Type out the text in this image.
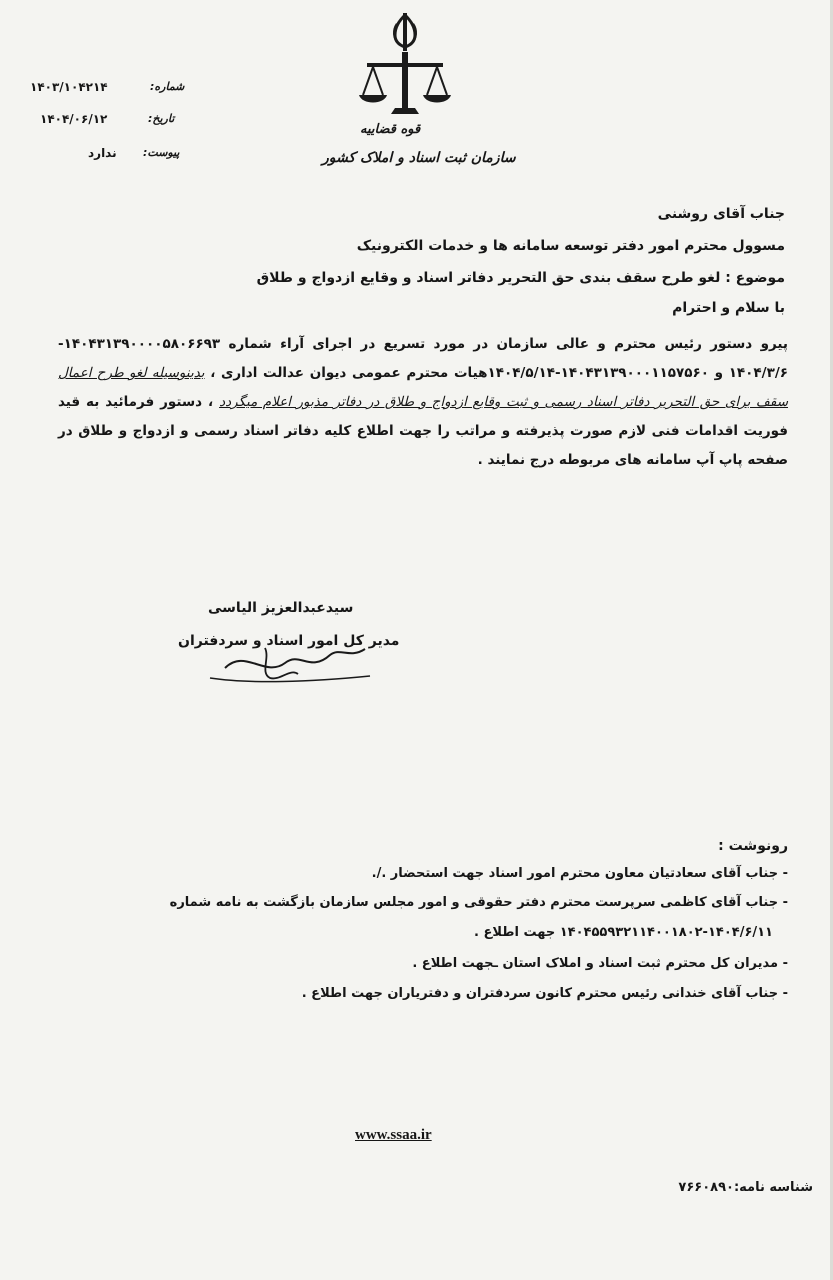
قوه قضاییه
سازمان ثبت اسناد و املاک کشور
شماره:
۱۴۰۳/۱۰۴۲۱۴
تاریخ:
۱۴۰۴/۰۶/۱۲
پیوست:
ندارد
جناب آقای روشنی
مسوول محترم امور دفتر توسعه سامانه ها و خدمات الکترونیک
موضوع : لغو طرح سقف بندی حق التحریر دفاتر اسناد و وقایع ازدواج و طلاق
با سلام و احترام
پیرو دستور رئیس محترم و عالی سازمان در مورد تسریع در اجرای آراء شماره ۱۴۰۴۳۱۳۹۰۰۰۰۵۸۰۶۶۹۳- ۱۴۰۴/۳/۶ و ۱۴۰۴۳۱۳۹۰۰۰۱۱۵۷۵۶۰-۱۴۰۴/۵/۱۴هیات محترم عمومی دیوان عدالت اداری ، بدینوسیله لغو طرح اعمال سقف برای حق التحریر دفاتر اسناد رسمی و ثبت وقایع ازدواج و طلاق در دفاتر مذبور اعلام میگردد ، دستور فرمائید به قید فوریت اقدامات فنی لازم صورت پذیرفته و مراتب را جهت اطلاع کلیه دفاتر اسناد رسمی و ازدواج و طلاق در صفحه پاپ آپ سامانه های مربوطه درج نمایند .
سیدعبدالعزیز الیاسی
مدیر کل امور اسناد و سردفتران
رونوشت :
- جناب آقای سعادتیان معاون محترم امور اسناد جهت استحضار ./.
- جناب آقای کاظمی سرپرست محترم دفتر حقوقی و امور مجلس سازمان بازگشت به نامه شماره
۱۴۰۴۵۵۹۳۲۱۱۴۰۰۱۸۰۲-۱۴۰۴/۶/۱۱ جهت اطلاع .
- مدیران کل محترم ثبت اسناد و املاک استان ـجهت اطلاع .
- جناب آقای خندانی رئیس محترم کانون سردفتران و دفتریاران جهت اطلاع .
www.ssaa.ir
شناسه نامه:۷۶۶۰۸۹۰
